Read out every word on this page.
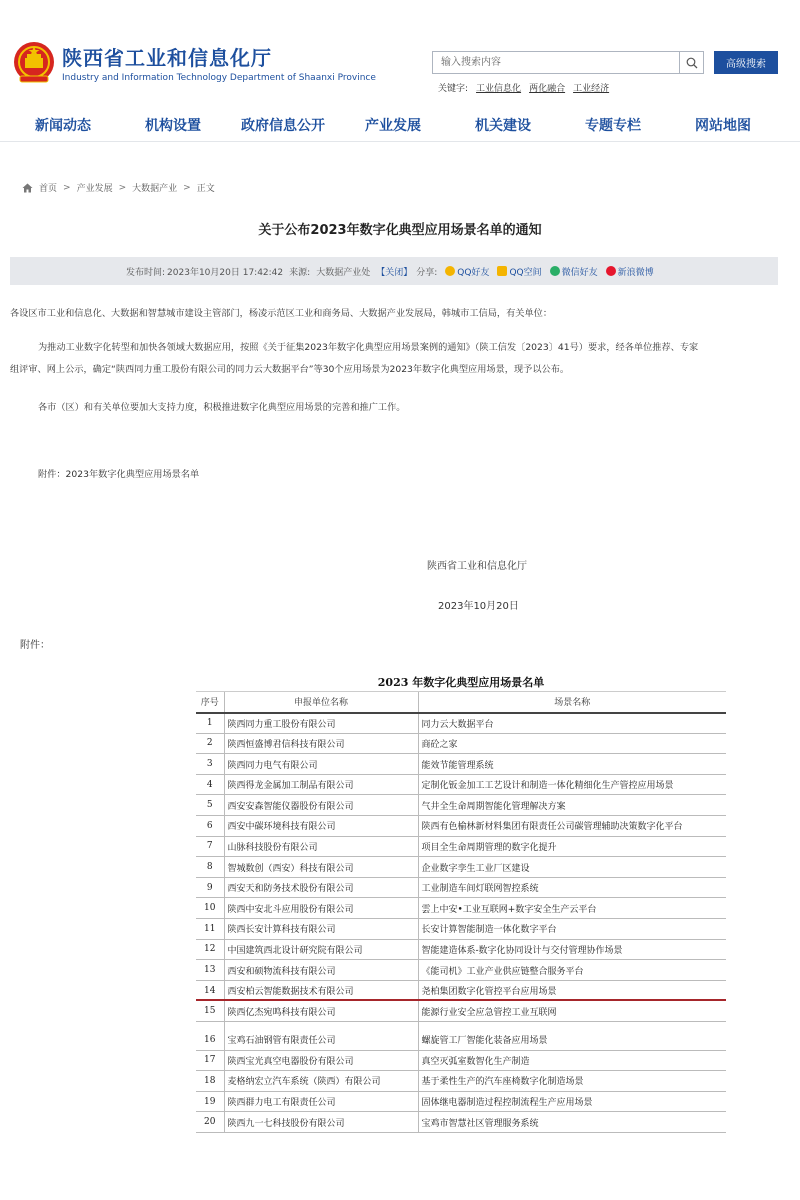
陕西省工业和信息化厅
Industry and Information Technology Department of Shaanxi Province
输入搜索内容
高级搜索
关键字: 工业信息化 两化融合 工业经济
新闻动态	机构设置	政府信息公开	产业发展	机关建设	专题专栏	网站地图
首页 > 产业发展 > 大数据产业 > 正文
关于公布2023年数字化典型应用场景名单的通知
发布时间: 2023年10月20日 17:42:42 来源: 大数据产业处 【关闭】 分享: QQ好友 QQ空间 微信好友 新浪微博
各设区市工业和信息化、大数据和智慧城市建设主管部门，杨凌示范区工业和商务局、大数据产业发展局，韩城市工信局，有关单位：
为推动工业数字化转型和加快各领域大数据应用，按照《关于征集2023年数字化典型应用场景案例的通知》（陕工信发〔2023〕41号）要求，经各单位推荐、专家
组评审、网上公示，确定“陕西同力重工股份有限公司的同力云大数据平台”等30个应用场景为2023年数字化典型应用场景，现予以公布。
各市（区）和有关单位要加大支持力度，积极推进数字化典型应用场景的完善和推广工作。
附件：2023年数字化典型应用场景名单
陕西省工业和信息化厅
2023年10月20日
附件：
2023 年数字化典型应用场景名单
序号	申报单位名称	场景名称
1	陕西同力重工股份有限公司	同力云大数据平台
2	陕西恒盛博君信科技有限公司	商砼之家
3	陕西同力电气有限公司	能效节能管理系统
4	陕西得龙金属加工制品有限公司	定制化钣金加工工艺设计和制造一体化精细化生产管控应用场景
5	西安安森智能仪器股份有限公司	气井全生命周期智能化管理解决方案
6	西安中碳环境科技有限公司	陕西有色榆林新材料集团有限责任公司碳管理辅助决策数字化平台
7	山脉科技股份有限公司	项目全生命周期管理的数字化提升
8	智城数创（西安）科技有限公司	企业数字孪生工业厂区建设
9	西安天和防务技术股份有限公司	工业制造车间灯联网智控系统
10	陕西中安北斗应用股份有限公司	雲上中安•工业互联网+数字安全生产云平台
11	陕西长安计算科技有限公司	长安计算智能制造一体化数字平台
12	中国建筑西北设计研究院有限公司	智能建造体系-数字化协同设计与交付管理协作场景
13	西安和硕物流科技有限公司	《能司机》工业产业供应链整合服务平台
14	西安柏云智能数据技术有限公司	尧柏集团数字化管控平台应用场景
15	陕西亿杰宛鸣科技有限公司	能源行业安全应急管控工业互联网

16	宝鸡石油钢管有限责任公司	螺旋管工厂智能化装备应用场景
17	陕西宝光真空电器股份有限公司	真空灭弧室数智化生产制造
18	麦格纳宏立汽车系统（陕西）有限公司	基于柔性生产的汽车座椅数字化制造场景
19	陕西群力电工有限责任公司	固体继电器制造过程控制流程生产应用场景
20	陕西九一七科技股份有限公司	宝鸡市智慧社区管理服务系统
